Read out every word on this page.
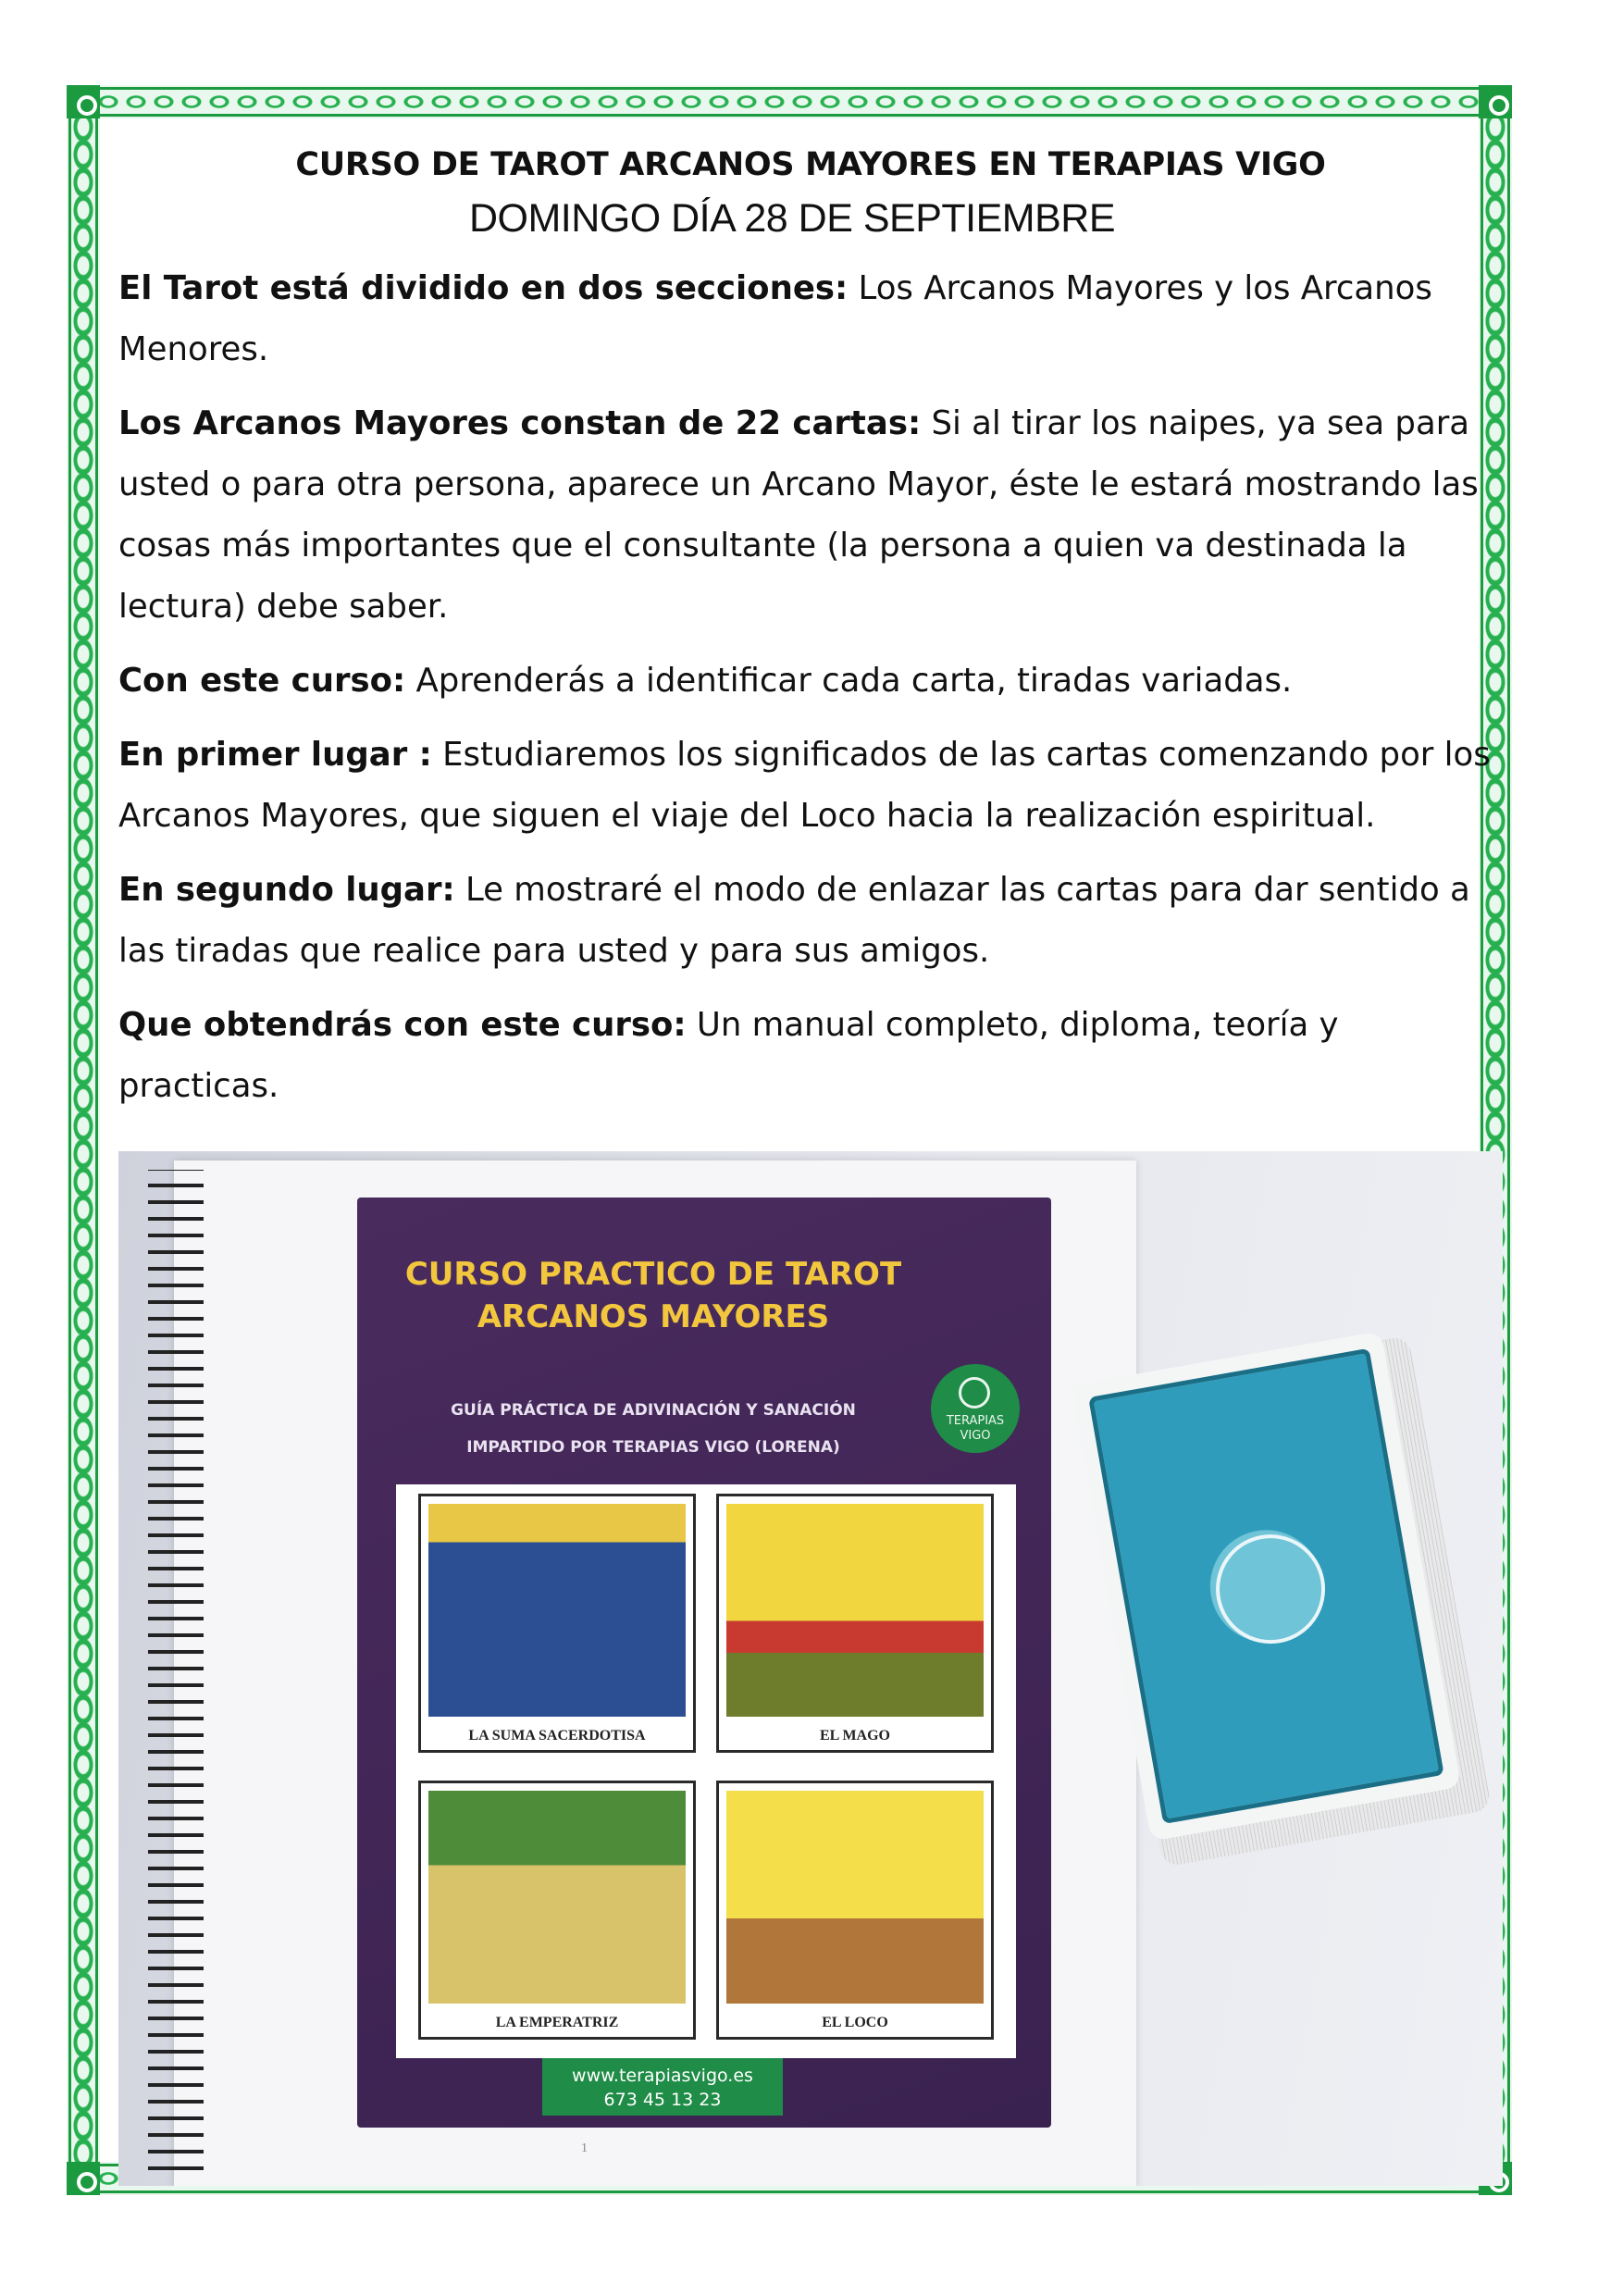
CURSO DE TAROT ARCANOS MAYORES EN TERAPIAS VIGO
DOMINGO DÍA 28 DE SEPTIEMBRE

El Tarot está dividido en dos secciones: Los Arcanos Mayores y los Arcanos Menores.

Los Arcanos Mayores constan de 22 cartas: Si al tirar los naipes, ya sea para usted o para otra persona, aparece un Arcano Mayor, éste le estará mostrando las cosas más importantes que el consultante (la persona a quien va destinada la lectura) debe saber.

Con este curso: Aprenderás a identificar cada carta, tiradas variadas.

En primer lugar : Estudiaremos los significados de las cartas comenzando por los Arcanos Mayores, que siguen el viaje del Loco hacia la realización espiritual.

En segundo lugar: Le mostraré el modo de enlazar las cartas para dar sentido a las tiradas que realice para usted y para sus amigos.

Que obtendrás con este curso: Un manual completo, diploma, teoría y practicas.

CURSO PRACTICO DE TAROT
ARCANOS MAYORES
GUÍA PRÁCTICA DE ADIVINACIÓN Y SANACIÓN
IMPARTIDO POR TERAPIAS VIGO (LORENA)
TERAPIAS
VIGO
LA SUMA SACERDOTISA	EL MAGO
LA EMPERATRIZ	EL LOCO
www.terapiasvigo.es
673 45 13 23
1
